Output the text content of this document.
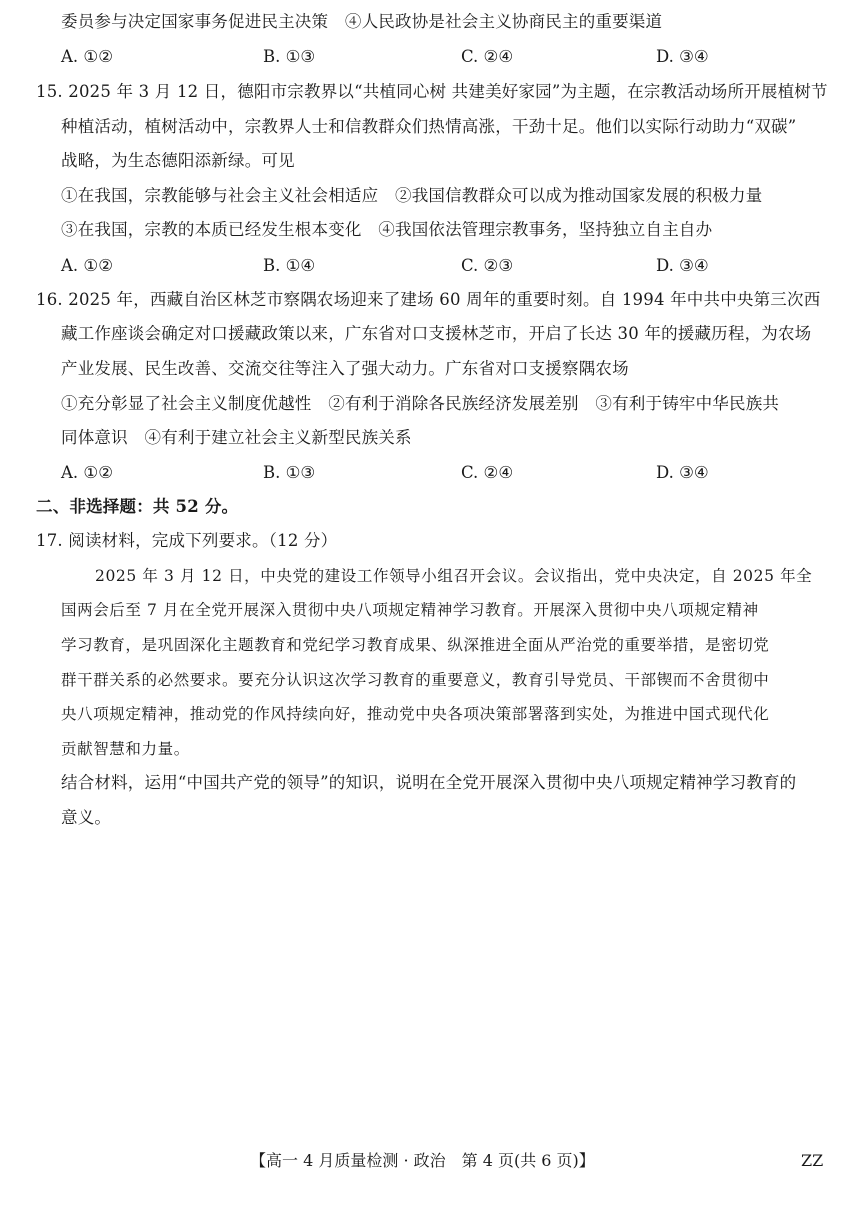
委员参与决定国家事务促进民主决策　④人民政协是社会主义协商民主的重要渠道
A. ①②	B. ①③	C. ②④	D. ③④
15. 2025 年 3 月 12 日，德阳市宗教界以“共植同心树 共建美好家园”为主题，在宗教活动场所开展植树节
种植活动，植树活动中，宗教界人士和信教群众们热情高涨，干劲十足。他们以实际行动助力“双碳”
战略，为生态德阳添新绿。可见
①在我国，宗教能够与社会主义社会相适应　②我国信教群众可以成为推动国家发展的积极力量
③在我国，宗教的本质已经发生根本变化　④我国依法管理宗教事务，坚持独立自主自办
A. ①②	B. ①④	C. ②③	D. ③④
16. 2025 年，西藏自治区林芝市察隅农场迎来了建场 60 周年的重要时刻。自 1994 年中共中央第三次西
藏工作座谈会确定对口援藏政策以来，广东省对口支援林芝市，开启了长达 30 年的援藏历程，为农场
产业发展、民生改善、交流交往等注入了强大动力。广东省对口支援察隅农场
①充分彰显了社会主义制度优越性　②有利于消除各民族经济发展差别　③有利于铸牢中华民族共
同体意识　④有利于建立社会主义新型民族关系
A. ①②	B. ①③	C. ②④	D. ③④
二、非选择题：共 52 分。
17. 阅读材料，完成下列要求。（12 分）
2025 年 3 月 12 日，中央党的建设工作领导小组召开会议。会议指出，党中央决定，自 2025 年全
国两会后至 7 月在全党开展深入贯彻中央八项规定精神学习教育。开展深入贯彻中央八项规定精神
学习教育，是巩固深化主题教育和党纪学习教育成果、纵深推进全面从严治党的重要举措，是密切党
群干群关系的必然要求。要充分认识这次学习教育的重要意义，教育引导党员、干部锲而不舍贯彻中
央八项规定精神，推动党的作风持续向好，推动党中央各项决策部署落到实处，为推进中国式现代化
贡献智慧和力量。
结合材料，运用“中国共产党的领导”的知识，说明在全党开展深入贯彻中央八项规定精神学习教育的
意义。
【高一 4 月质量检测 · 政治　第 4 页(共 6 页)】	ZZ
